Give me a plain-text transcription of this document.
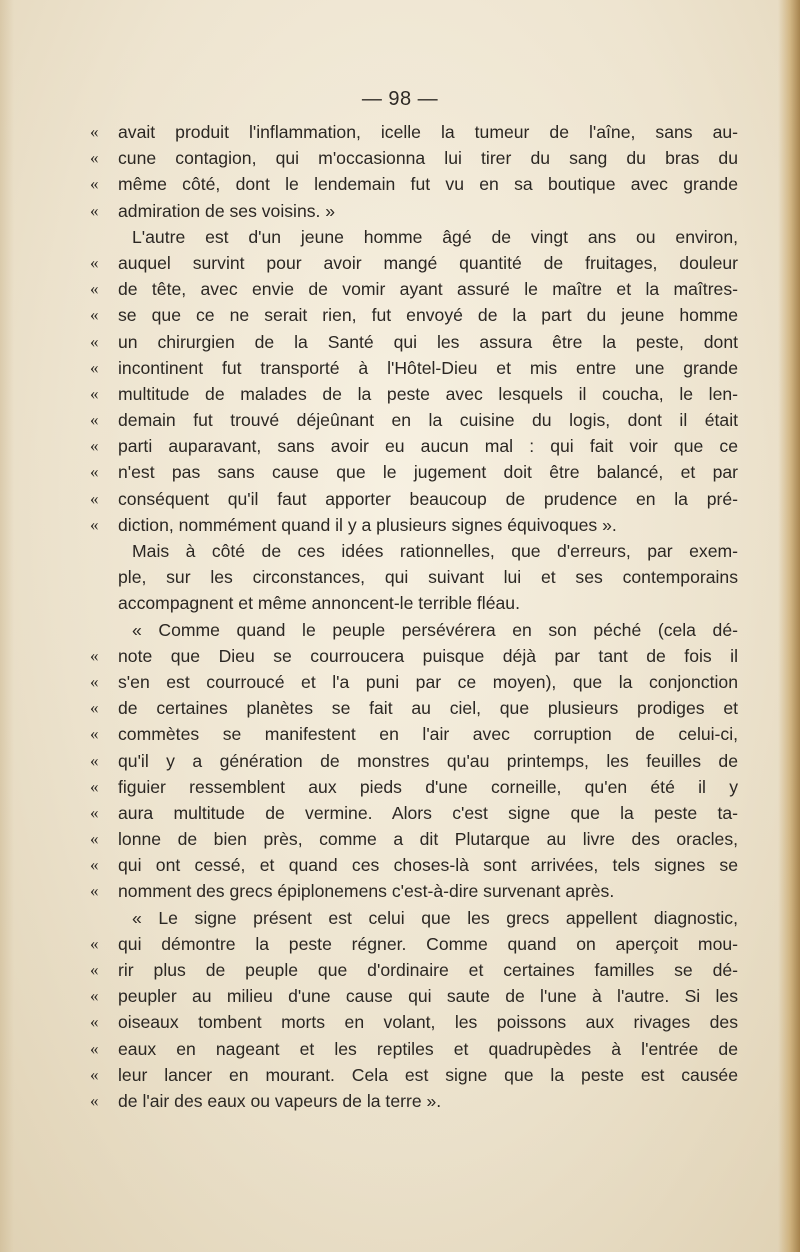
— 98 —
«	avait produit l'inflammation, icelle la tumeur de l'aîne, sans au-
«	cune contagion, qui m'occasionna lui tirer du sang du bras du
«	même côté, dont le lendemain fut vu en sa boutique avec grande
«	admiration de ses voisins. »
L'autre est d'un jeune homme âgé de vingt ans ou environ,
«	auquel survint pour avoir mangé quantité de fruitages, douleur
«	de tête, avec envie de vomir ayant assuré le maître et la maîtres-
«	se que ce ne serait rien, fut envoyé de la part du jeune homme
«	un chirurgien de la Santé qui les assura être la peste, dont
«	incontinent fut transporté à l'Hôtel-Dieu et mis entre une grande
«	multitude de malades de la peste avec lesquels il coucha, le len-
«	demain fut trouvé déjeûnant en la cuisine du logis, dont il était
«	parti auparavant, sans avoir eu aucun mal : qui fait voir que ce
«	n'est pas sans cause que le jugement doit être balancé, et par
«	conséquent qu'il faut apporter beaucoup de prudence en la pré-
«	diction, nommément quand il y a plusieurs signes équivoques ».
Mais à côté de ces idées rationnelles, que d'erreurs, par exem-
ple, sur les circonstances, qui suivant lui et ses contemporains
accompagnent et même annoncent-le terrible fléau.
« Comme quand le peuple persévérera en son péché (cela dé-
«	note que Dieu se courroucera puisque déjà par tant de fois il
«	s'en est courroucé et l'a puni par ce moyen), que la conjonction
«	de certaines planètes se fait au ciel, que plusieurs prodiges et
«	commètes se manifestent en l'air avec corruption de celui-ci,
«	qu'il y a génération de monstres qu'au printemps, les feuilles de
«	figuier ressemblent aux pieds d'une corneille, qu'en été il y
«	aura multitude de vermine. Alors c'est signe que la peste ta-
«	lonne de bien près, comme a dit Plutarque au livre des oracles,
«	qui ont cessé, et quand ces choses-là sont arrivées, tels signes se
«	nomment des grecs épiplonemens c'est-à-dire survenant après.
« Le signe présent est celui que les grecs appellent diagnostic,
«	qui démontre la peste régner. Comme quand on aperçoit mou-
«	rir plus de peuple que d'ordinaire et certaines familles se dé-
«	peupler au milieu d'une cause qui saute de l'une à l'autre. Si les
«	oiseaux tombent morts en volant, les poissons aux rivages des
«	eaux en nageant et les reptiles et quadrupèdes à l'entrée de
«	leur lancer en mourant. Cela est signe que la peste est causée
«	de l'air des eaux ou vapeurs de la terre ».
